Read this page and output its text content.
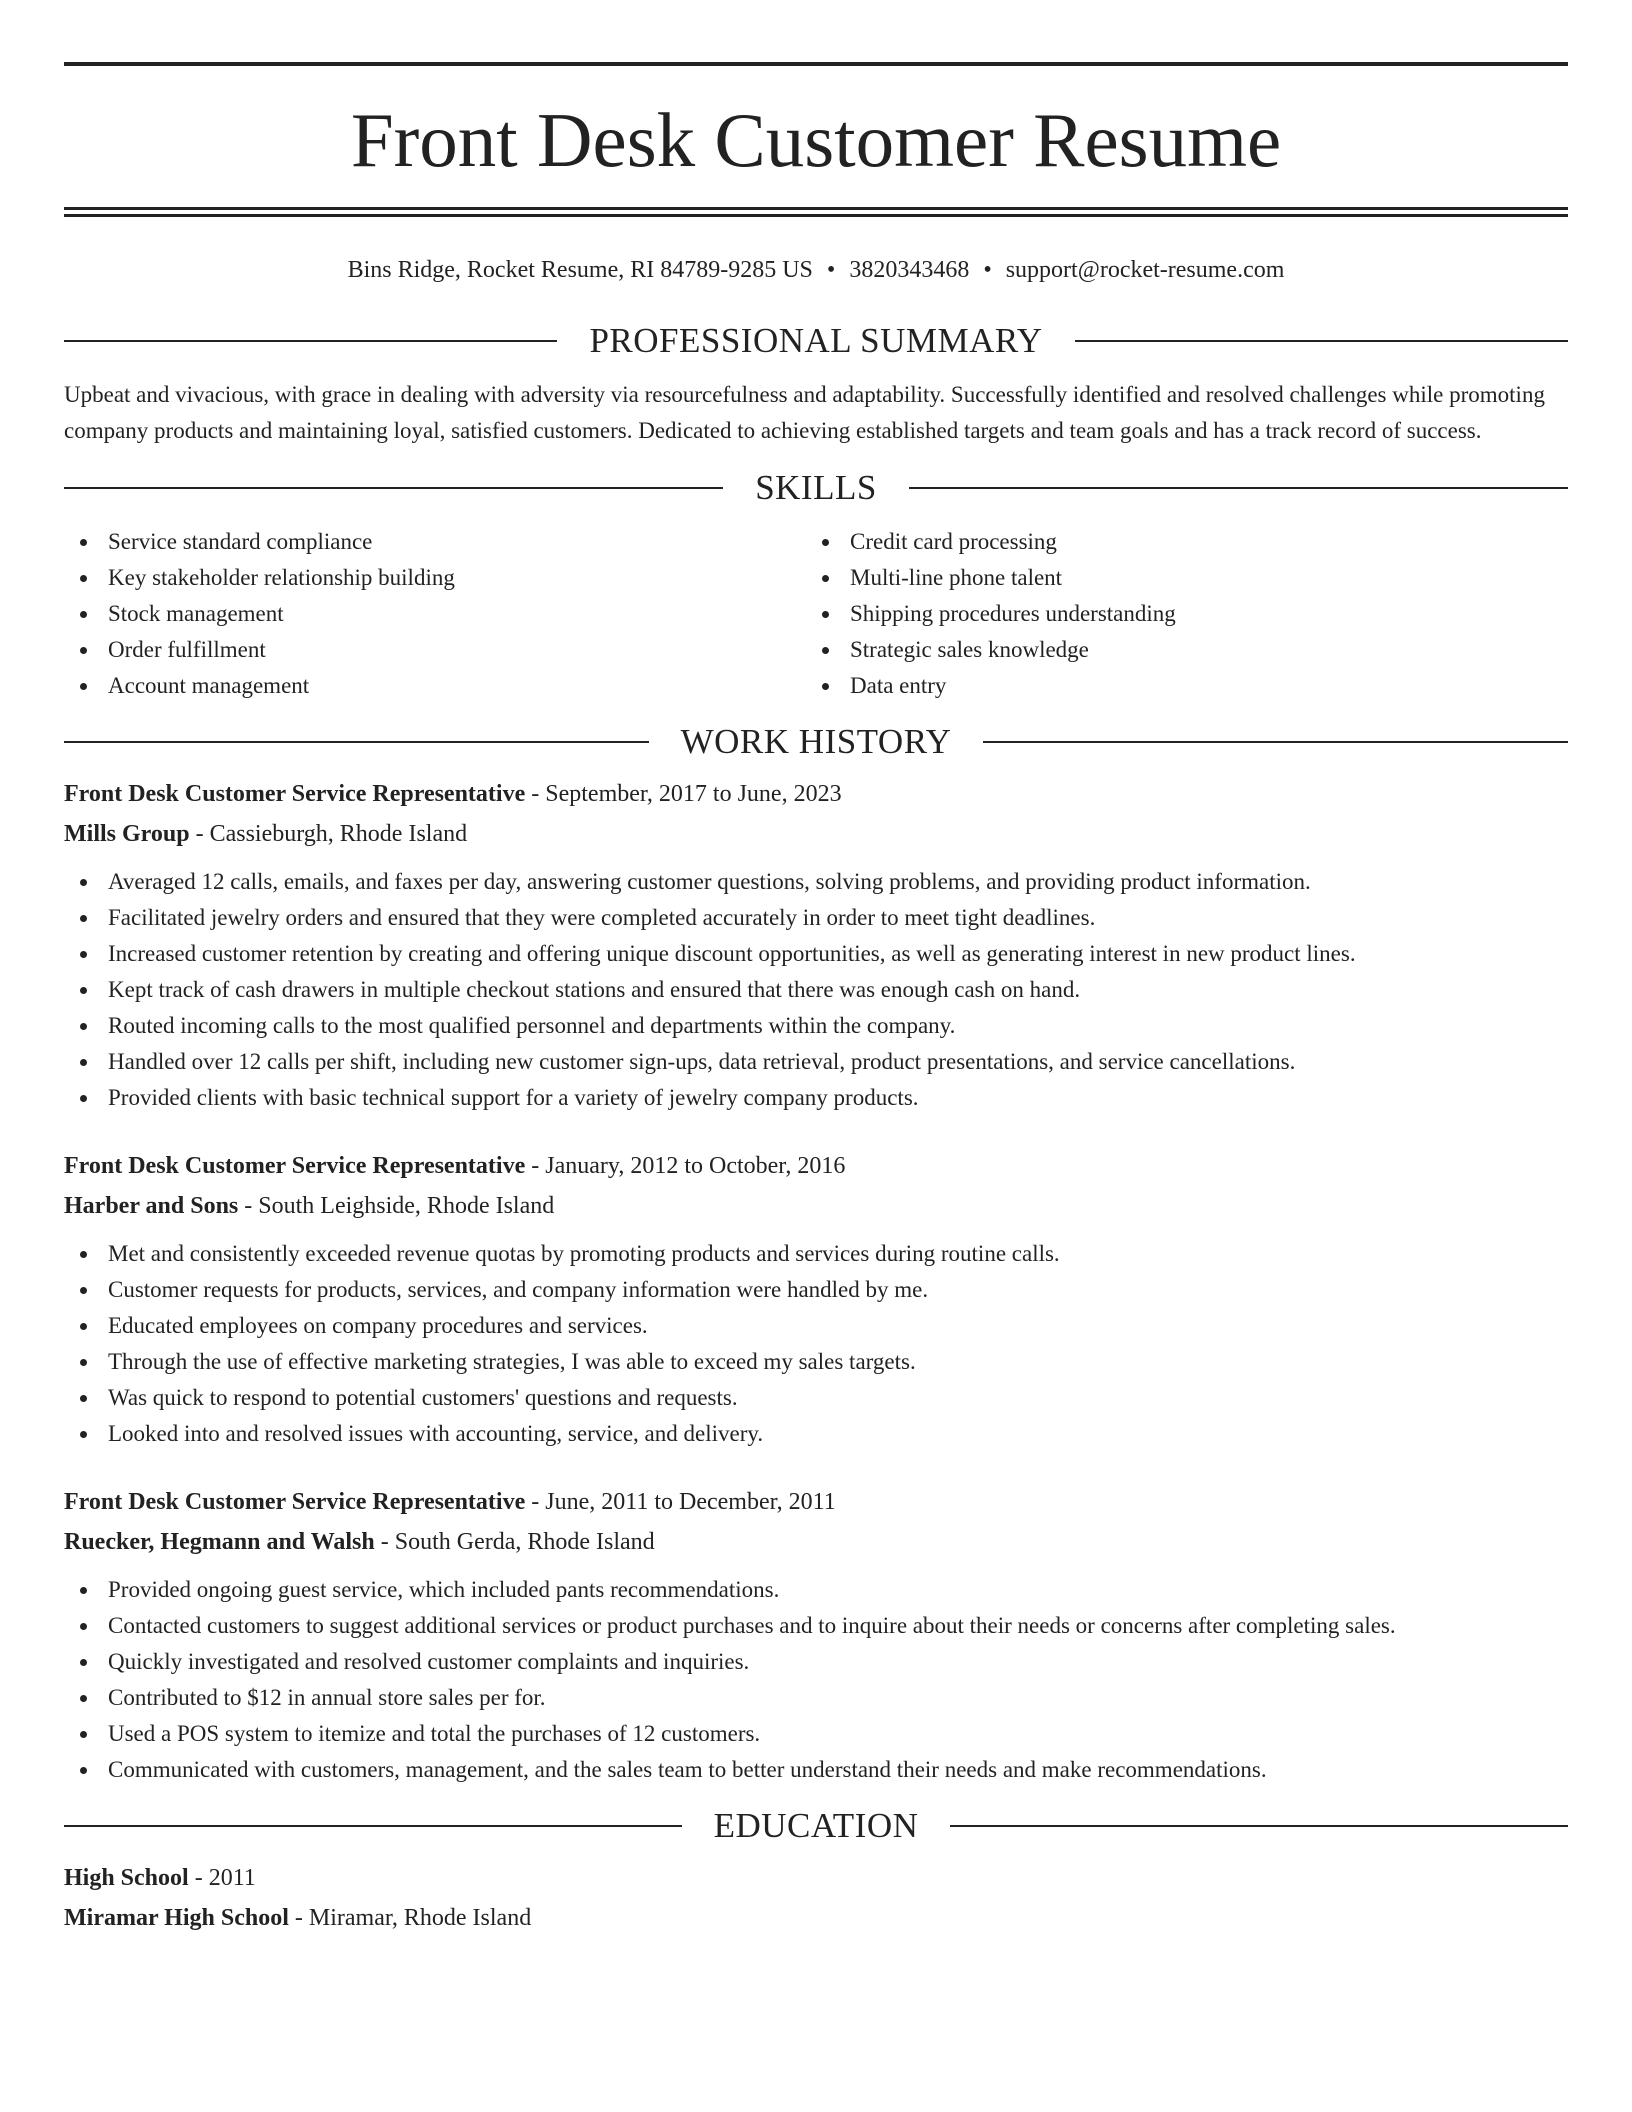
Front Desk Customer Resume
Bins Ridge, Rocket Resume, RI 84789-9285 US • 3820343468 • support@rocket-resume.com
PROFESSIONAL SUMMARY

Upbeat and vivacious, with grace in dealing with adversity via resourcefulness and adaptability. Successfully identified and resolved challenges while promoting company products and maintaining loyal, satisfied customers. Dedicated to achieving established targets and team goals and has a track record of success.

SKILLS
Service standard compliance
Key stakeholder relationship building
Stock management
Order fulfillment
Account management
Credit card processing
Multi-line phone talent
Shipping procedures understanding
Strategic sales knowledge
Data entry
WORK HISTORY

Front Desk Customer Service Representative - September, 2017 to June, 2023

Mills Group - Cassieburgh, Rhode Island

Averaged 12 calls, emails, and faxes per day, answering customer questions, solving problems, and providing product information.
Facilitated jewelry orders and ensured that they were completed accurately in order to meet tight deadlines.
Increased customer retention by creating and offering unique discount opportunities, as well as generating interest in new product lines.
Kept track of cash drawers in multiple checkout stations and ensured that there was enough cash on hand.
Routed incoming calls to the most qualified personnel and departments within the company.
Handled over 12 calls per shift, including new customer sign-ups, data retrieval, product presentations, and service cancellations.
Provided clients with basic technical support for a variety of jewelry company products.

Front Desk Customer Service Representative - January, 2012 to October, 2016

Harber and Sons - South Leighside, Rhode Island

Met and consistently exceeded revenue quotas by promoting products and services during routine calls.
Customer requests for products, services, and company information were handled by me.
Educated employees on company procedures and services.
Through the use of effective marketing strategies, I was able to exceed my sales targets.
Was quick to respond to potential customers' questions and requests.
Looked into and resolved issues with accounting, service, and delivery.

Front Desk Customer Service Representative - June, 2011 to December, 2011

Ruecker, Hegmann and Walsh - South Gerda, Rhode Island

Provided ongoing guest service, which included pants recommendations.
Contacted customers to suggest additional services or product purchases and to inquire about their needs or concerns after completing sales.
Quickly investigated and resolved customer complaints and inquiries.
Contributed to $12 in annual store sales per for.
Used a POS system to itemize and total the purchases of 12 customers.
Communicated with customers, management, and the sales team to better understand their needs and make recommendations.
EDUCATION

High School - 2011

Miramar High School - Miramar, Rhode Island
